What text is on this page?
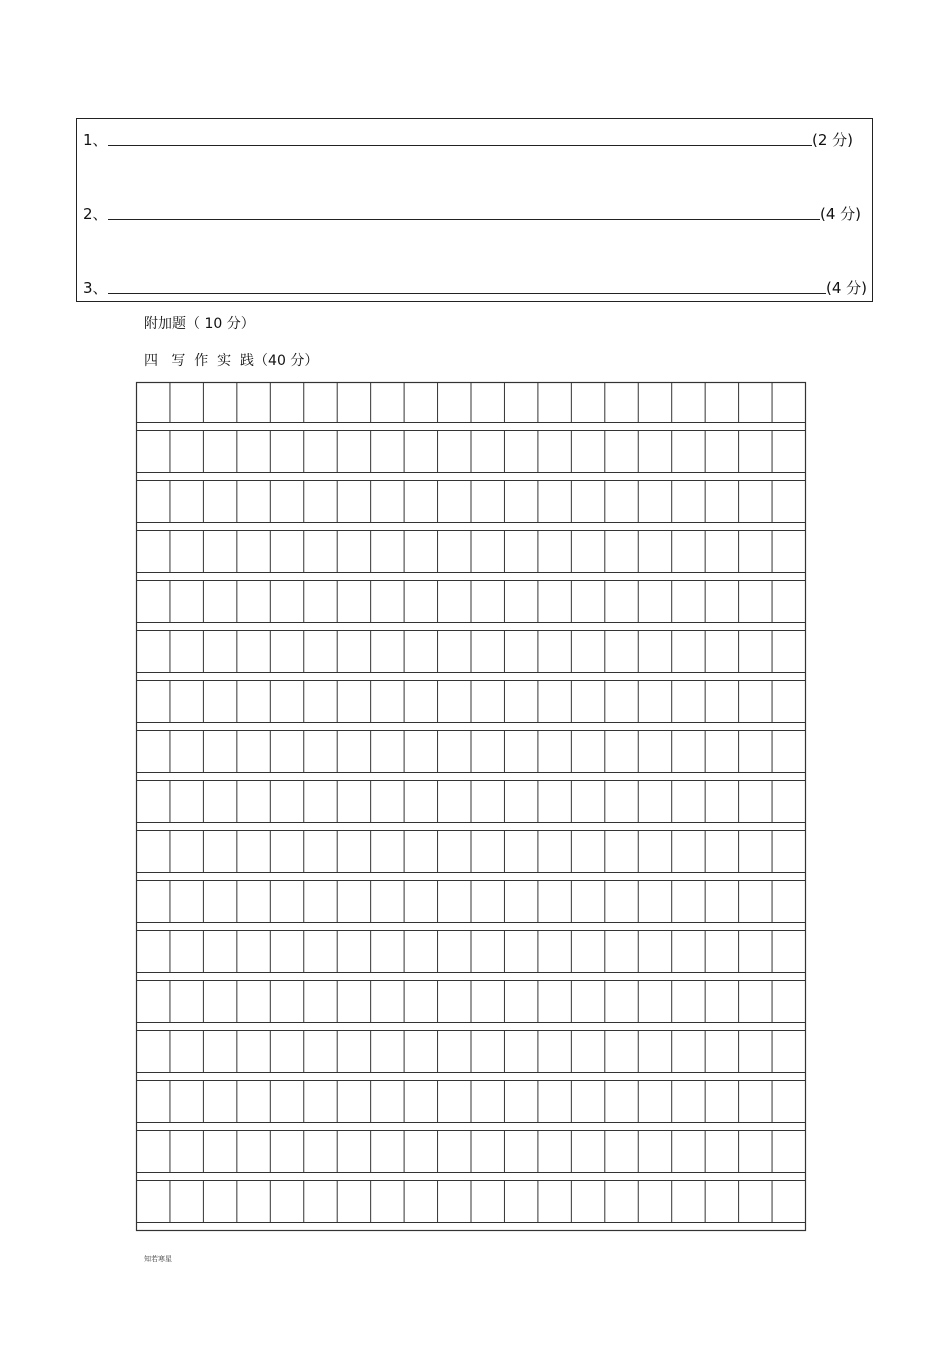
1、	(2 分)
2、	(4 分)
3、	(4 分)
附加题（ 10 分）
四   写  作  实  践（40 分）
知若寒星
